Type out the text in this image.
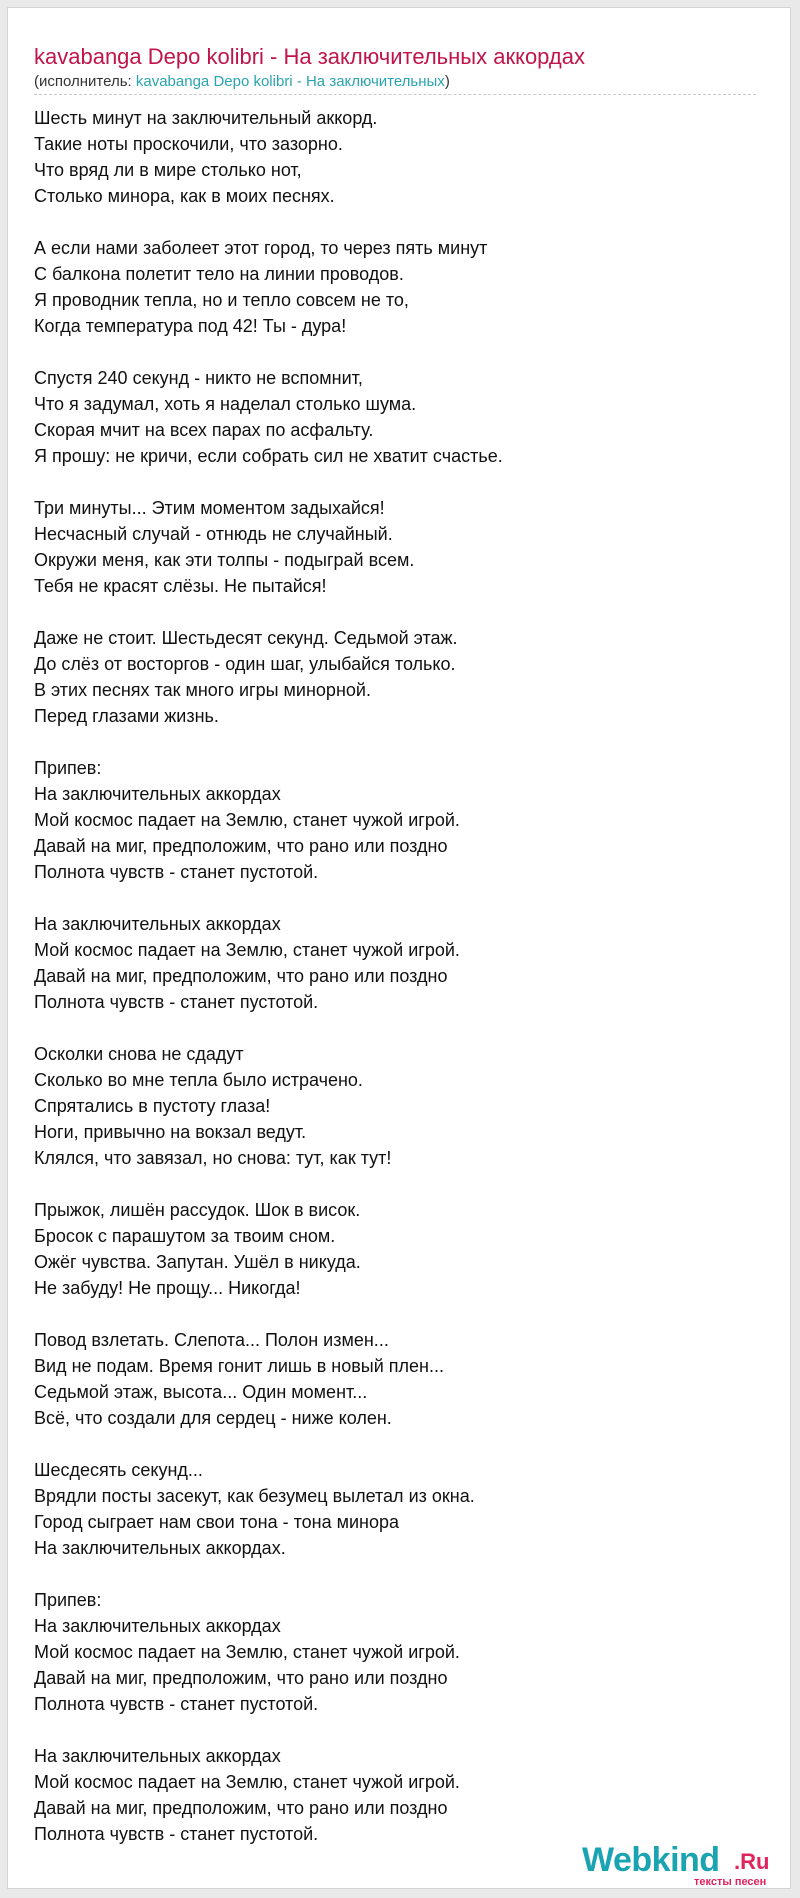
kavabanga Depo kolibri - На заключительных аккордах
(исполнитель: kavabanga Depo kolibri - На заключительных)
Шесть минут на заключительный аккорд.
Такие ноты проскочили, что зазорно.
Что вряд ли в мире столько нот,
Столько минора, как в моих песнях.
А если нами заболеет этот город, то через пять минут
С балкона полетит тело на линии проводов.
Я проводник тепла, но и тепло совсем не то,
Когда температура под 42! Ты - дура!
Спустя 240 секунд - никто не вспомнит,
Что я задумал, хоть я наделал столько шума.
Скорая мчит на всех парах по асфальту.
Я прошу: не кричи, если собрать сил не хватит счастье.
Три минуты... Этим моментом задыхайся!
Несчасный случай - отнюдь не случайный.
Окружи меня, как эти толпы - подыграй всем.
Тебя не красят слёзы. Не пытайся!
Даже не стоит. Шестьдесят секунд. Седьмой этаж.
До слёз от восторгов - один шаг, улыбайся только.
В этих песнях так много игры минорной.
Перед глазами жизнь.
Припев:
На заключительных аккордах
Мой космос падает на Землю, станет чужой игрой.
Давай на миг, предположим, что рано или поздно
Полнота чувств - станет пустотой.
На заключительных аккордах
Мой космос падает на Землю, станет чужой игрой.
Давай на миг, предположим, что рано или поздно
Полнота чувств - станет пустотой.
Осколки снова не сдадут
Сколько во мне тепла было истрачено.
Спрятались в пустоту глаза!
Ноги, привычно на вокзал ведут.
Клялся, что завязал, но снова: тут, как тут!
Прыжок, лишён рассудок. Шок в висок.
Бросок с парашутом за твоим сном.
Ожёг чувства. Запутан. Ушёл в никуда.
Не забуду! Не прощу... Никогда!
Повод взлетать. Слепота... Полон измен...
Вид не подам. Время гонит лишь в новый плен...
Седьмой этаж, высота... Один момент...
Всё, что создали для сердец - ниже колен.
Шесдесять секунд...
Врядли посты засекут, как безумец вылетал из окна.
Город сыграет нам свои тона - тона минора
На заключительных аккордах.
Припев:
На заключительных аккордах
Мой космос падает на Землю, станет чужой игрой.
Давай на миг, предположим, что рано или поздно
Полнота чувств - станет пустотой.
На заключительных аккордах
Мой космос падает на Землю, станет чужой игрой.
Давай на миг, предположим, что рано или поздно
Полнота чувств - станет пустотой.
Webkind .Ru
тексты песен
